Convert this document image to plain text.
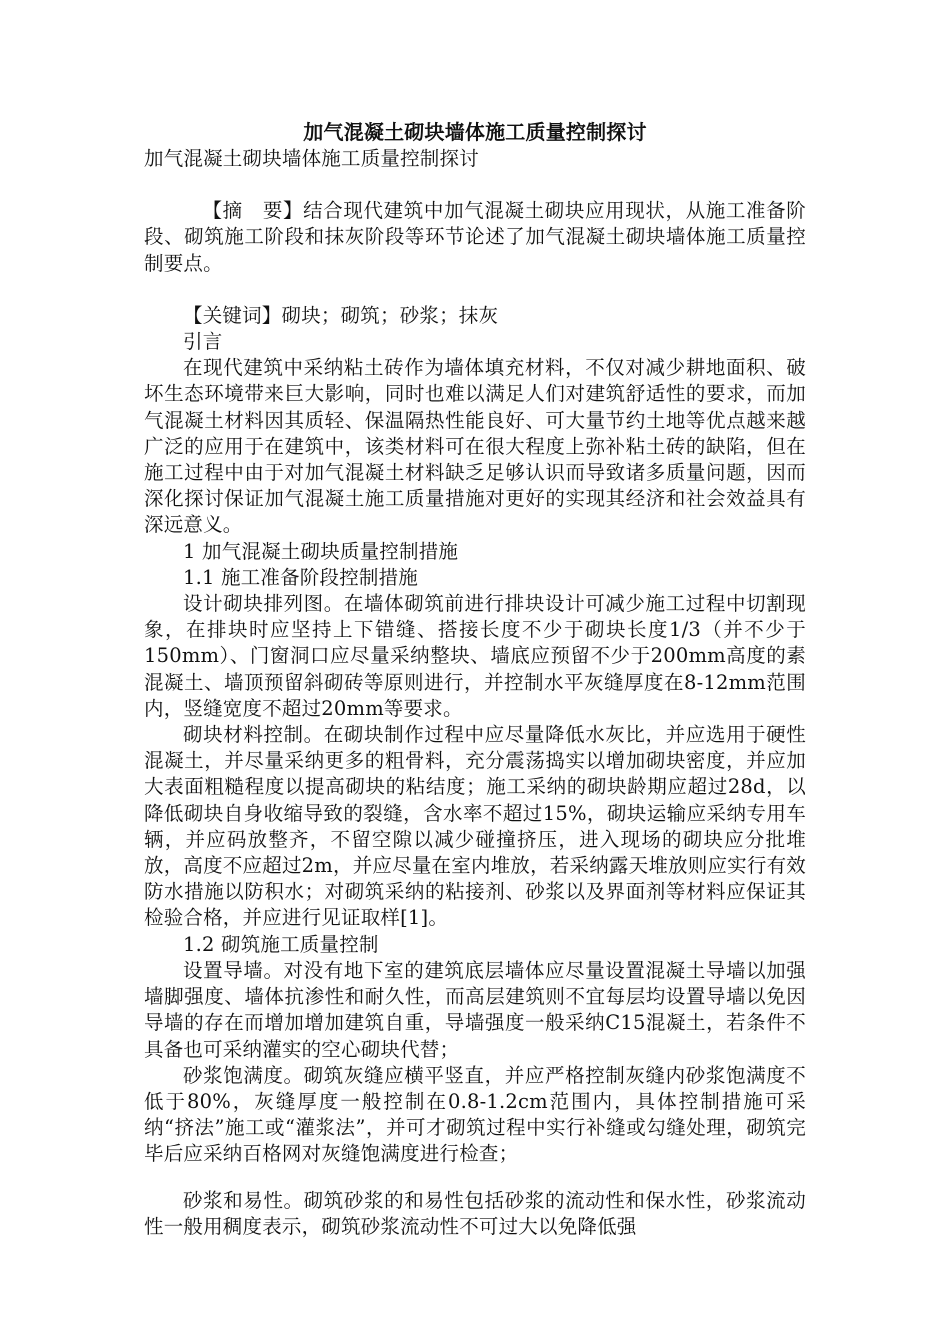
加气混凝土砌块墙体施工质量控制探讨

加气混凝土砌块墙体施工质量控制探讨

【摘　要】结合现代建筑中加气混凝土砌块应用现状，从施工准备阶段、砌筑施工阶段和抹灰阶段等环节论述了加气混凝土砌块墙体施工质量控制要点。

【关键词】砌块；砌筑；砂浆；抹灰

引言

在现代建筑中采纳粘土砖作为墙体填充材料，不仅对减少耕地面积、破坏生态环境带来巨大影响，同时也难以满足人们对建筑舒适性的要求，而加气混凝土材料因其质轻、保温隔热性能良好、可大量节约土地等优点越来越广泛的应用于在建筑中，该类材料可在很大程度上弥补粘土砖的缺陷，但在施工过程中由于对加气混凝土材料缺乏足够认识而导致诸多质量问题，因而深化探讨保证加气混凝土施工质量措施对更好的实现其经济和社会效益具有深远意义。

1 加气混凝土砌块质量控制措施

1.1 施工准备阶段控制措施

设计砌块排列图。在墙体砌筑前进行排块设计可减少施工过程中切割现象，在排块时应坚持上下错缝、搭接长度不少于砌块长度1/3（并不少于150mm）、门窗洞口应尽量采纳整块、墙底应预留不少于200mm高度的素混凝土、墙顶预留斜砌砖等原则进行，并控制水平灰缝厚度在8-12mm范围内，竖缝宽度不超过20mm等要求。

砌块材料控制。在砌块制作过程中应尽量降低水灰比，并应选用于硬性混凝土，并尽量采纳更多的粗骨料，充分震荡捣实以增加砌块密度，并应加大表面粗糙程度以提高砌块的粘结度；施工采纳的砌块龄期应超过28d，以降低砌块自身收缩导致的裂缝，含水率不超过15%，砌块运输应采纳专用车辆，并应码放整齐，不留空隙以减少碰撞挤压，进入现场的砌块应分批堆放，高度不应超过2m，并应尽量在室内堆放，若采纳露天堆放则应实行有效防水措施以防积水；对砌筑采纳的粘接剂、砂浆以及界面剂等材料应保证其检验合格，并应进行见证取样[1]。

1.2 砌筑施工质量控制

设置导墙。对没有地下室的建筑底层墙体应尽量设置混凝土导墙以加强墙脚强度、墙体抗渗性和耐久性，而高层建筑则不宜每层均设置导墙以免因导墙的存在而增加增加建筑自重，导墙强度一般采纳C15混凝土，若条件不具备也可采纳灌实的空心砌块代替；

砂浆饱满度。砌筑灰缝应横平竖直，并应严格控制灰缝内砂浆饱满度不低于80%，灰缝厚度一般控制在0.8-1.2cm范围内，具体控制措施可采纳“挤法”施工或“灌浆法”，并可才砌筑过程中实行补缝或勾缝处理，砌筑完毕后应采纳百格网对灰缝饱满度进行检查；

砂浆和易性。砌筑砂浆的和易性包括砂浆的流动性和保水性，砂浆流动性一般用稠度表示，砌筑砂浆流动性不可过大以免降低强
